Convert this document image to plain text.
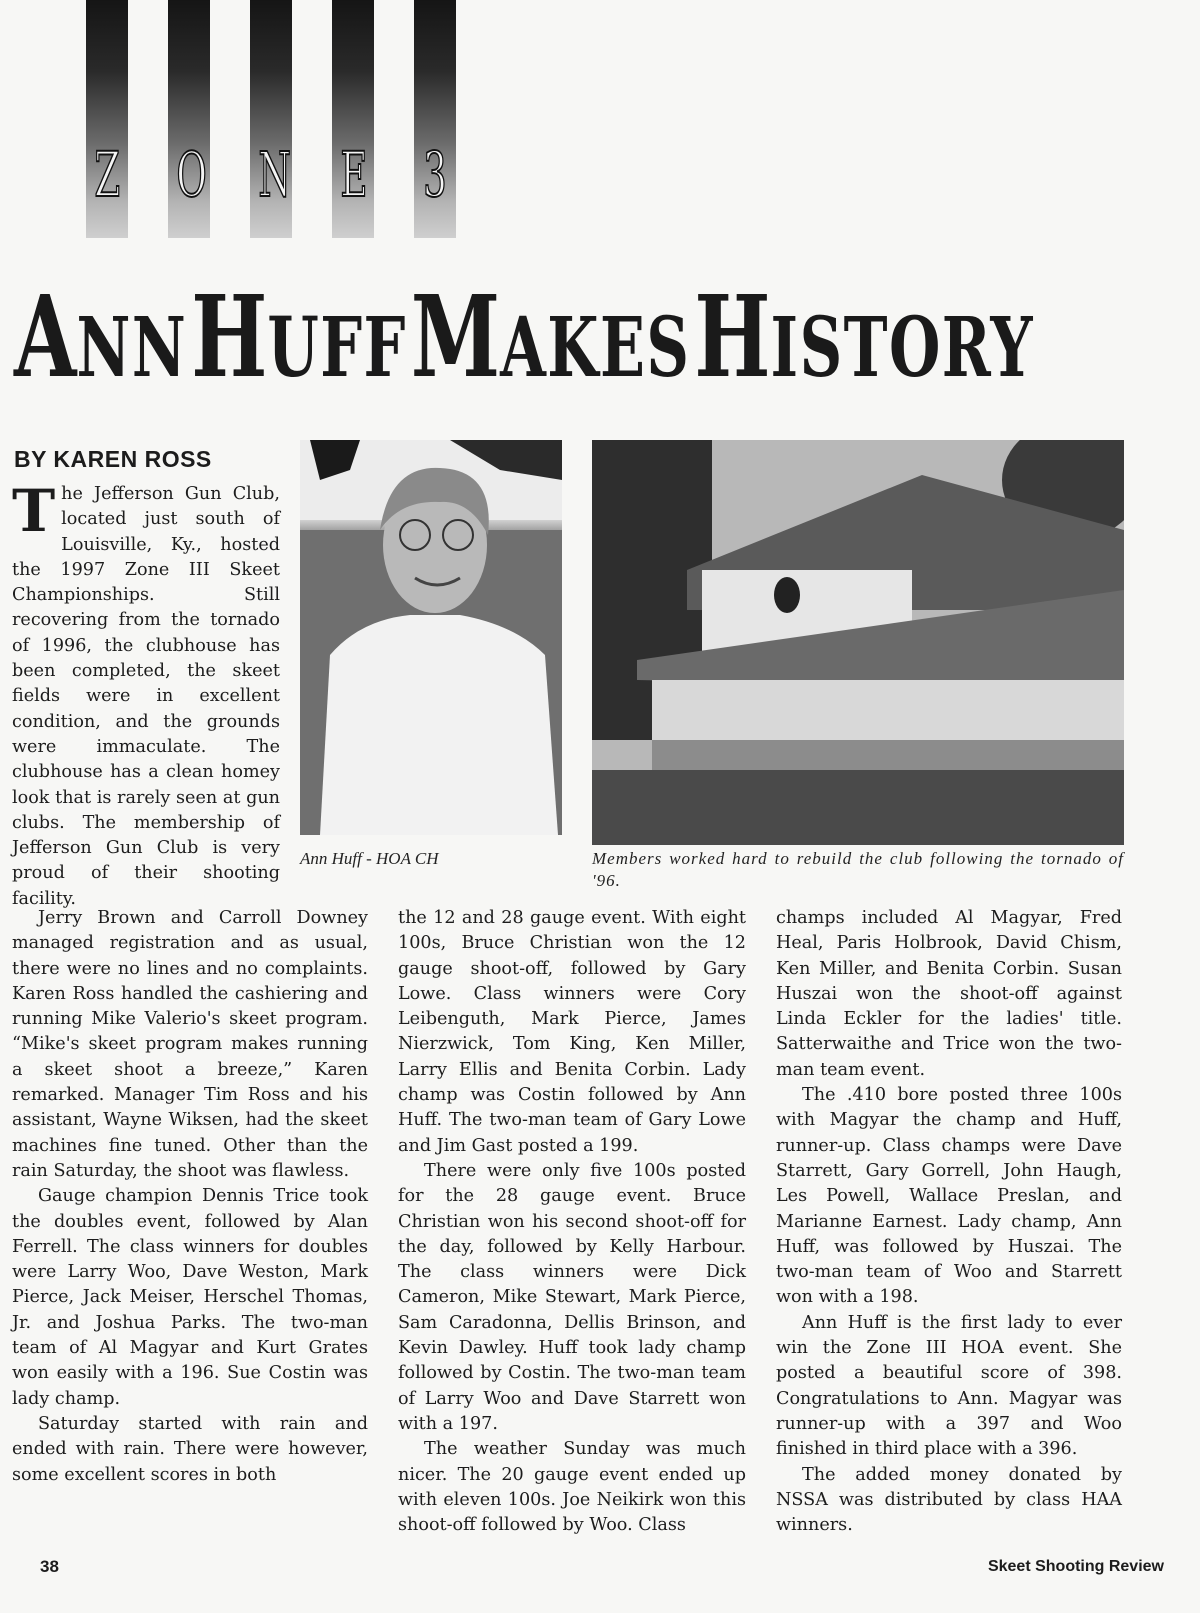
Z O N E 3
ANN HUFF MAKES HISTORY
BY KAREN ROSS
Ann Huff - HOA CH	Members worked hard to rebuild the club following the tornado of '96.

The Jefferson Gun Club, located just south of Louisville, Ky., hosted the 1997 Zone III Skeet Championships. Still recovering from the tornado of 1996, the clubhouse has been completed, the skeet fields were in excellent condition, and the grounds were immaculate. The clubhouse has a clean homey look that is rarely seen at gun clubs. The membership of Jefferson Gun Club is very proud of their shooting facility.

Jerry Brown and Carroll Downey managed registration and as usual, there were no lines and no complaints. Karen Ross handled the cashiering and running Mike Valerio's skeet program. “Mike's skeet program makes running a skeet shoot a breeze,” Karen remarked. Manager Tim Ross and his assistant, Wayne Wiksen, had the skeet machines fine tuned. Other than the rain Saturday, the shoot was flawless.

Gauge champion Dennis Trice took the doubles event, followed by Alan Ferrell. The class winners for doubles were Larry Woo, Dave Weston, Mark Pierce, Jack Meiser, Herschel Thomas, Jr. and Joshua Parks. The two-man team of Al Magyar and Kurt Grates won easily with a 196. Sue Costin was lady champ.

Saturday started with rain and ended with rain. There were however, some excellent scores in both

the 12 and 28 gauge event. With eight 100s, Bruce Christian won the 12 gauge shoot-off, followed by Gary Lowe. Class winners were Cory Leibenguth, Mark Pierce, James Nierzwick, Tom King, Ken Miller, Larry Ellis and Benita Corbin. Lady champ was Costin followed by Ann Huff. The two-man team of Gary Lowe and Jim Gast posted a 199.

There were only five 100s posted for the 28 gauge event. Bruce Christian won his second shoot-off for the day, followed by Kelly Harbour. The class winners were Dick Cameron, Mike Stewart, Mark Pierce, Sam Caradonna, Dellis Brinson, and Kevin Dawley. Huff took lady champ followed by Costin. The two-man team of Larry Woo and Dave Starrett won with a 197.

The weather Sunday was much nicer. The 20 gauge event ended up with eleven 100s. Joe Neikirk won this shoot-off followed by Woo. Class

champs included Al Magyar, Fred Heal, Paris Holbrook, David Chism, Ken Miller, and Benita Corbin. Susan Huszai won the shoot-off against Linda Eckler for the ladies' title. Satterwaithe and Trice won the two-man team event.

The .410 bore posted three 100s with Magyar the champ and Huff, runner-up. Class champs were Dave Starrett, Gary Gorrell, John Haugh, Les Powell, Wallace Preslan, and Marianne Earnest. Lady champ, Ann Huff, was followed by Huszai. The two-man team of Woo and Starrett won with a 198.

Ann Huff is the first lady to ever win the Zone III HOA event. She posted a beautiful score of 398. Congratulations to Ann. Magyar was runner-up with a 397 and Woo finished in third place with a 396.

The added money donated by NSSA was distributed by class HAA winners.

38	Skeet Shooting Review
